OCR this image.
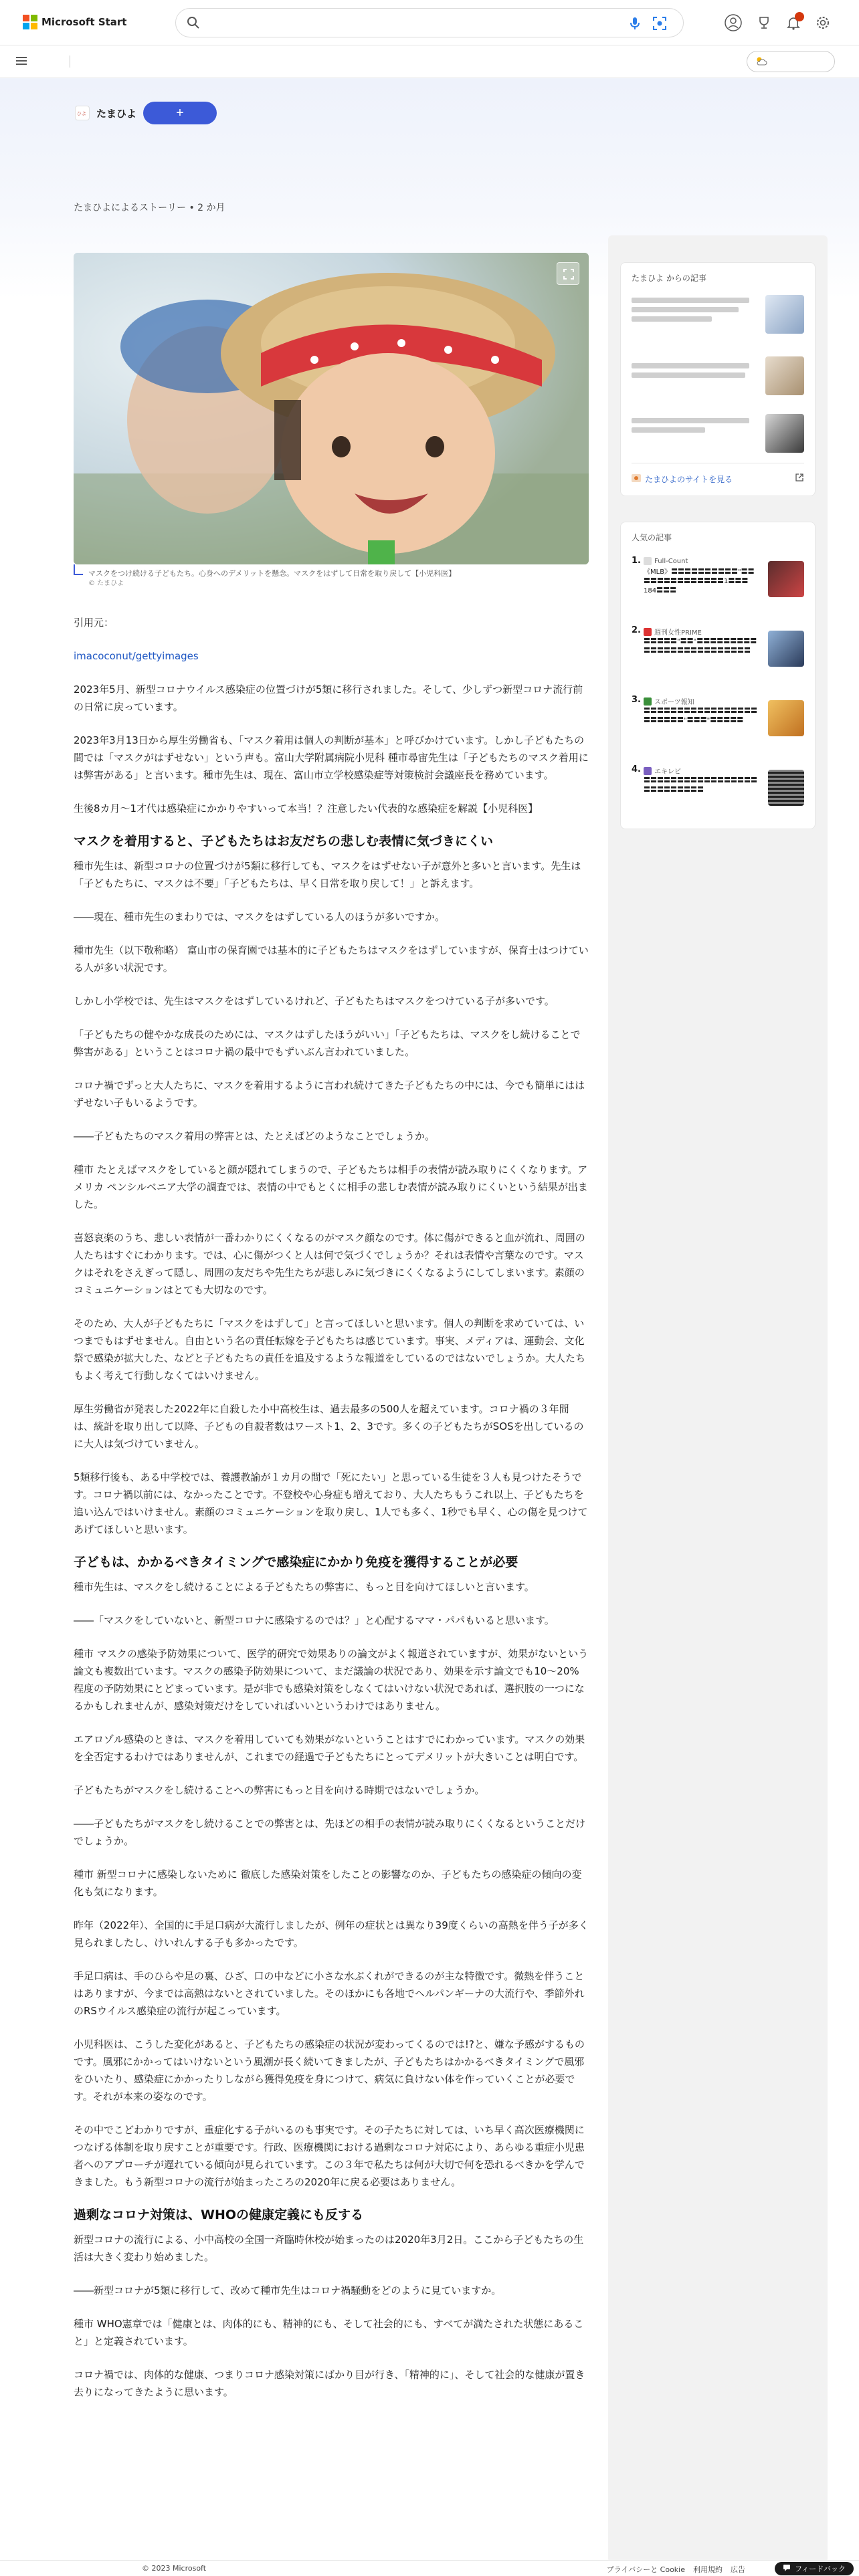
Microsoft Start
ひよ たまひよ	+
たまひよによるストーリー • 2 か月
マスクをつけ続ける子どもたち。心身へのデメリットを懸念。マスクをはずして日常を取り戻して【小児科医】
© たまひよ

引用元：

imacoconut/gettyimages

2023年5月、新型コロナウイルス感染症の位置づけが5類に移行されました。そして、少しずつ新型コロナ流行前の日常に戻っています。

2023年3月13日から厚生労働省も、「マスク着用は個人の判断が基本」と呼びかけています。しかし子どもたちの間では「マスクがはずせない」という声も。富山大学附属病院小児科 種市尋宙先生は「子どもたちのマスク着用には弊害がある」と言います。種市先生は、現在、富山市立学校感染症等対策検討会議座長を務めています。

生後8カ月〜1才代は感染症にかかりやすいって本当！？注意したい代表的な感染症を解説【小児科医】

マスクを着用すると、子どもたちはお友だちの悲しむ表情に気づきにくい

種市先生は、新型コロナの位置づけが5類に移行しても、マスクをはずせない子が意外と多いと言います。先生は「子どもたちに、マスクは不要」「子どもたちは、早く日常を取り戻して！」と訴えます。

――現在、種市先生のまわりでは、マスクをはずしている人のほうが多いですか。

種市先生（以下敬称略） 富山市の保育園では基本的に子どもたちはマスクをはずしていますが、保育士はつけている人が多い状況です。

しかし小学校では、先生はマスクをはずしているけれど、子どもたちはマスクをつけている子が多いです。

「子どもたちの健やかな成長のためには、マスクはずしたほうがいい」「子どもたちは、マスクをし続けることで弊害がある」ということはコロナ禍の最中でもずいぶん言われていました。

コロナ禍でずっと大人たちに、マスクを着用するように言われ続けてきた子どもたちの中には、今でも簡単にははずせない子もいるようです。

――子どもたちのマスク着用の弊害とは、たとえばどのようなことでしょうか。

種市 たとえばマスクをしていると顔が隠れてしまうので、子どもたちは相手の表情が読み取りにくくなります。アメリカ ペンシルベニア大学の調査では、表情の中でもとくに相手の悲しむ表情が読み取りにくいという結果が出ました。

喜怒哀楽のうち、悲しい表情が一番わかりにくくなるのがマスク顔なのです。体に傷ができると血が流れ、周囲の人たちはすぐにわかります。では、心に傷がつくと人は何で気づくでしょうか？それは表情や言葉なのです。マスクはそれをさえぎって隠し、周囲の友だちや先生たちが悲しみに気づきにくくなるようにしてしまいます。素顔のコミュニケーションはとても大切なのです。

そのため、大人が子どもたちに「マスクをはずして」と言ってほしいと思います。個人の判断を求めていては、いつまでもはずせません。自由という名の責任転嫁を子どもたちは感じています。事実、メディアは、運動会、文化祭で感染が拡大した、などと子どもたちの責任を追及するような報道をしているのではないでしょうか。大人たちもよく考えて行動しなくてはいけません。

厚生労働省が発表した2022年に自殺した小中高校生は、過去最多の500人を超えています。コロナ禍の３年間は、統計を取り出して以降、子どもの自殺者数はワースト1、2、3です。多くの子どもたちがSOSを出しているのに大人は気づけていません。

5類移行後も、ある中学校では、養護教諭が１カ月の間で「死にたい」と思っている生徒を３人も見つけたそうです。コロナ禍以前には、なかったことです。不登校や心身症も増えており、大人たちもうこれ以上、子どもたちを追い込んではいけません。素顔のコミュニケーションを取り戻し、1人でも多く、1秒でも早く、心の傷を見つけてあげてほしいと思います。

子どもは、かかるべきタイミングで感染症にかかり免疫を獲得することが必要

種市先生は、マスクをし続けることによる子どもたちの弊害に、もっと目を向けてほしいと言います。

――「マスクをしていないと、新型コロナに感染するのでは？」と心配するママ・パパもいると思います。

種市 マスクの感染予防効果について、医学的研究で効果ありの論文がよく報道されていますが、効果がないという論文も複数出ています。マスクの感染予防効果について、まだ議論の状況であり、効果を示す論文でも10〜20%程度の予防効果にとどまっています。是が非でも感染対策をしなくてはいけない状況であれば、選択肢の一つになるかもしれませんが、感染対策だけをしていればいいというわけではありません。

エアロゾル感染のときは、マスクを着用していても効果がないということはすでにわかっています。マスクの効果を全否定するわけではありませんが、これまでの経過で子どもたちにとってデメリットが大きいことは明白です。

子どもたちがマスクをし続けることへの弊害にもっと目を向ける時期ではないでしょうか。

――子どもたちがマスクをし続けることでの弊害とは、先ほどの相手の表情が読み取りにくくなるということだけでしょうか。

種市 新型コロナに感染しないために 徹底した感染対策をしたことの影響なのか、子どもたちの感染症の傾向の変化も気になります。

昨年（2022年）、全国的に手足口病が大流行しましたが、例年の症状とは異なり39度くらいの高熱を伴う子が多く見られましたし、けいれんする子も多かったです。

手足口病は、手のひらや足の裏、ひざ、口の中などに小さな水ぶくれができるのが主な特徴です。微熱を伴うことはありますが、今までは高熱はないとされていました。そのほかにも各地でヘルパンギーナの大流行や、季節外れのRSウイルス感染症の流行が起こっています。

小児科医は、こうした変化があると、子どもたちの感染症の状況が変わってくるのでは!?と、嫌な予感がするものです。風邪にかかってはいけないという風潮が長く続いてきましたが、子どもたちはかかるべきタイミングで風邪をひいたり、感染症にかかったりしながら獲得免疫を身につけて、病気に負けない体を作っていくことが必要です。それが本来の姿なのです。

その中でこどわかりですが、重症化する子がいるのも事実です。その子たちに対しては、いち早く高次医療機関につなげる体制を取り戻すことが重要です。行政、医療機関における過剰なコロナ対応により、あらゆる重症小児患者へのアプローチが遅れている傾向が見られています。この３年で私たちは何が大切で何を恐れるべきかを学んできました。もう新型コロナの流行が始まったころの2020年に戻る必要はありません。

過剰なコロナ対策は、WHOの健康定義にも反する

新型コロナの流行による、小中高校の全国一斉臨時休校が始まったのは2020年3月2日。ここから子どもたちの生活は大きく変わり始めました。

――新型コロナが5類に移行して、改めて種市先生はコロナ禍騒動をどのように見ていますか。

種市 WHO憲章では「健康とは、肉体的にも、精神的にも、そして社会的にも、すべてが満たされた状態にあること」と定義されています。

コロナ禍では、肉体的な健康、つまりコロナ感染対策にばかり目が行き、「精神的に」、そして社会的な健康が置き去りになってきたように思います。

たまひよ からの記事
たまひよのサイトを見る
人気の記事
1. Full-Count
《MLB》〓〓〓〓〓〓〓〓〓〓"〓〓〓〓〓〓〓〓〓〓〓〓〓〓1〓〓〓184〓〓〓
2. 週刊女性PRIME
〓〓〓〓〓"〓〓"〓〓〓〓〓〓〓〓〓〓〓〓〓〓〓〓〓〓〓〓〓〓〓〓〓
3. スポーツ報知
〓〓〓〓〓〓〓〓〓〓〓〓〓〓〓〓〓〓〓〓〓〓〓"〓〓〓"〓〓〓〓〓
4. エキレビ
〓〓〓〓〓〓〓〓〓〓〓〓〓〓〓〓〓〓〓〓〓〓〓〓〓〓
© 2023 Microsoft	プライバシーと Cookie 利用規約 広告	フィードバック
